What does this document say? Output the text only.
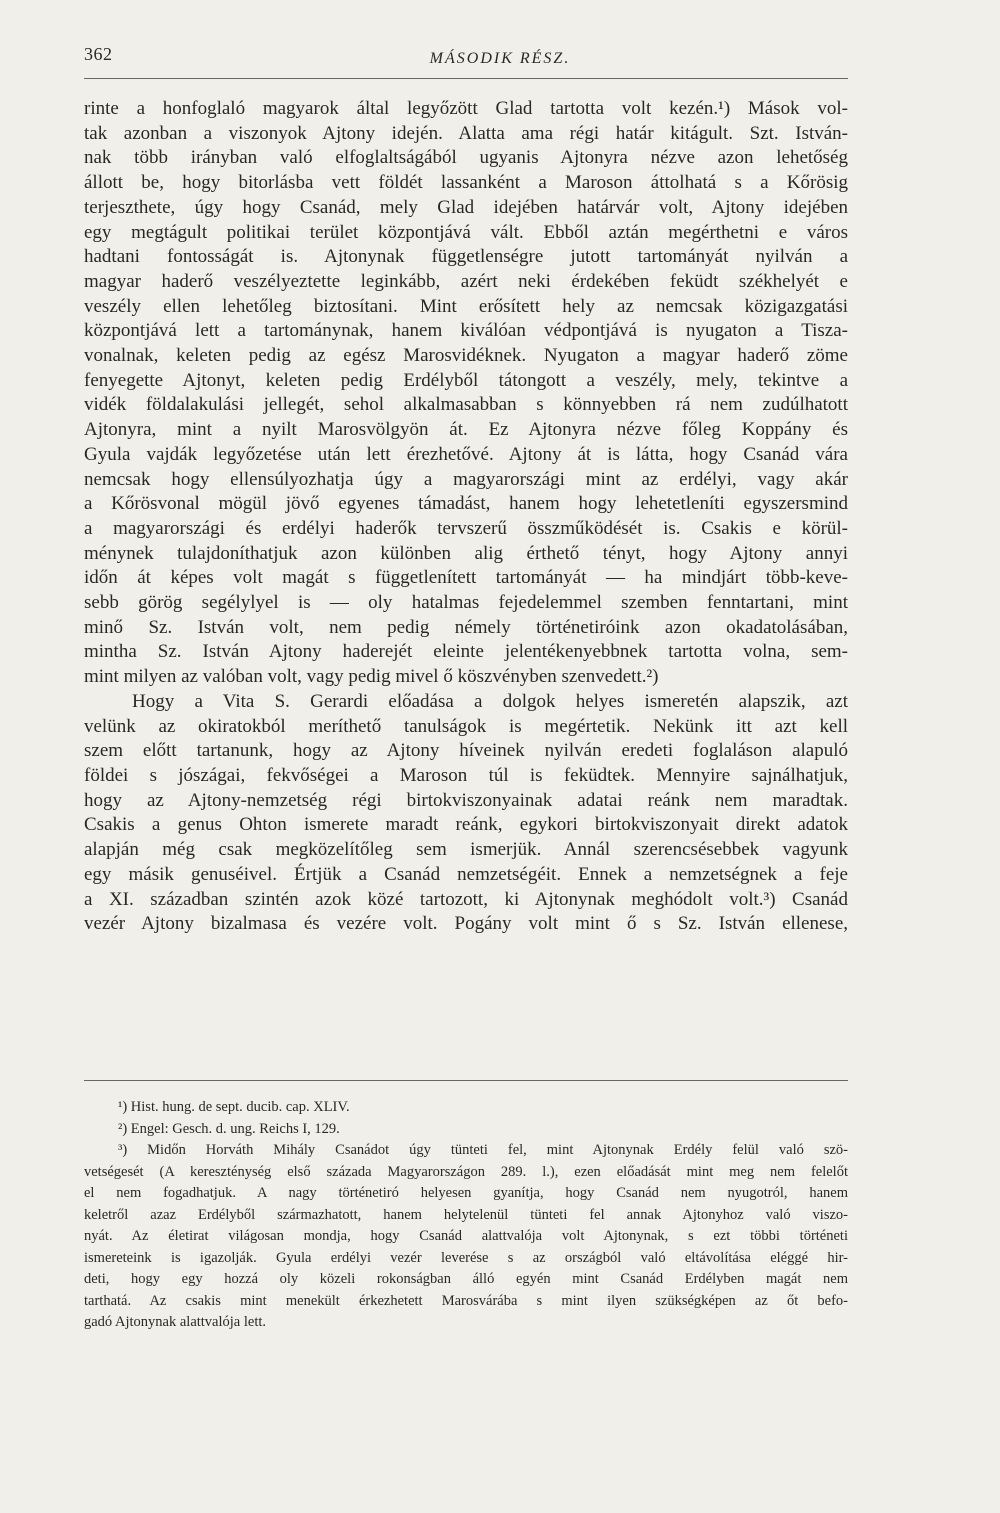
362	MÁSODIK RÉSZ.
rinte a honfoglaló magyarok által legyőzött Glad tartotta volt kezén.¹) Mások vol-
tak azonban a viszonyok Ajtony idején. Alatta ama régi határ kitágult. Szt. István-
nak több irányban való elfoglaltságából ugyanis Ajtonyra nézve azon lehetőség
állott be, hogy bitorlásba vett földét lassanként a Maroson áttolhatá s a Kőrösig
terjeszthete, úgy hogy Csanád, mely Glad idejében határvár volt, Ajtony idejében
egy megtágult politikai terület központjává vált. Ebből aztán megérthetni e város
hadtani fontosságát is. Ajtonynak függetlenségre jutott tartományát nyilván a
magyar haderő veszélyeztette leginkább, azért neki érdekében feküdt székhelyét e
veszély ellen lehetőleg biztosítani. Mint erősített hely az nemcsak közigazgatási
központjává lett a tartománynak, hanem kiválóan védpontjává is nyugaton a Tisza-
vonalnak, keleten pedig az egész Marosvidéknek. Nyugaton a magyar haderő zöme
fenyegette Ajtonyt, keleten pedig Erdélyből tátongott a veszély, mely, tekintve a
vidék földalakulási jellegét, sehol alkalmasabban s könnyebben rá nem zudúlhatott
Ajtonyra, mint a nyilt Marosvölgyön át. Ez Ajtonyra nézve főleg Koppány és
Gyula vajdák legyőzetése után lett érezhetővé. Ajtony át is látta, hogy Csanád vára
nemcsak hogy ellensúlyozhatja úgy a magyarországi mint az erdélyi, vagy akár
a Kőrösvonal mögül jövő egyenes támadást, hanem hogy lehetetleníti egyszersmind
a magyarországi és erdélyi haderők tervszerű összműködését is. Csakis e körül-
ménynek tulajdoníthatjuk azon különben alig érthető tényt, hogy Ajtony annyi
időn át képes volt magát s függetlenített tartományát — ha mindjárt több-keve-
sebb görög segélylyel is — oly hatalmas fejedelemmel szemben fenntartani, mint
minő Sz. István volt, nem pedig némely történetiróink azon okadatolásában,
mintha Sz. István Ajtony haderejét eleinte jelentékenyebbnek tartotta volna, sem-
mint milyen az valóban volt, vagy pedig mivel ő köszvényben szenvedett.²)
Hogy a Vita S. Gerardi előadása a dolgok helyes ismeretén alapszik, azt
velünk az okiratokból meríthető tanulságok is megértetik. Nekünk itt azt kell
szem előtt tartanunk, hogy az Ajtony híveinek nyilván eredeti foglaláson alapuló
földei s jószágai, fekvőségei a Maroson túl is feküdtek. Mennyire sajnálhatjuk,
hogy az Ajtony-nemzetség régi birtokviszonyainak adatai reánk nem maradtak.
Csakis a genus Ohton ismerete maradt reánk, egykori birtokviszonyait direkt adatok
alapján még csak megközelítőleg sem ismerjük. Annál szerencsésebbek vagyunk
egy másik genuséivel. Értjük a Csanád nemzetségéit. Ennek a nemzetségnek a feje
a XI. században szintén azok közé tartozott, ki Ajtonynak meghódolt volt.³) Csanád
vezér Ajtony bizalmasa és vezére volt. Pogány volt mint ő s Sz. István ellenese,
¹) Hist. hung. de sept. ducib. cap. XLIV.
²) Engel: Gesch. d. ung. Reichs I, 129.
³) Midőn Horváth Mihály Csanádot úgy tünteti fel, mint Ajtonynak Erdély felül való szö-
vetségesét (A kereszténység első százada Magyarországon 289. l.), ezen előadását mint meg nem felelőt
el nem fogadhatjuk. A nagy történetiró helyesen gyanítja, hogy Csanád nem nyugotról, hanem
keletről azaz Erdélyből származhatott, hanem helytelenül tünteti fel annak Ajtonyhoz való viszo-
nyát. Az életirat világosan mondja, hogy Csanád alattvalója volt Ajtonynak, s ezt többi történeti
ismereteink is igazolják. Gyula erdélyi vezér leverése s az országból való eltávolítása eléggé hir-
deti, hogy egy hozzá oly közeli rokonságban álló egyén mint Csanád Erdélyben magát nem
tarthatá. Az csakis mint menekült érkezhetett Marosvárába s mint ilyen szükségképen az őt befo-
gadó Ajtonynak alattvalója lett.
